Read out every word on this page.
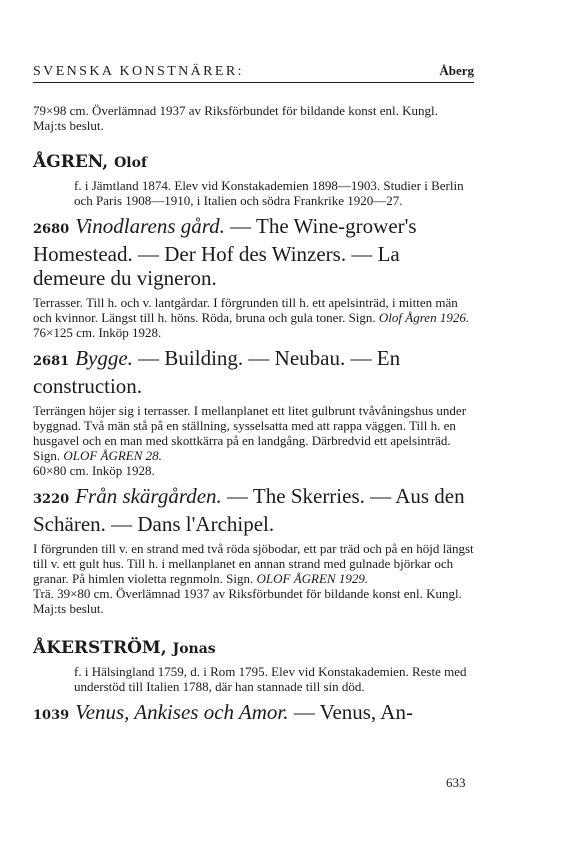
SVENSKA KONSTNÄRER:	Åberg

79×98 cm. Överlämnad 1937 av Riksförbundet för bildande konst enl. Kungl. Maj:ts beslut.

ÅGREN, Olof

f. i Jämtland 1874. Elev vid Konstakademien 1898—1903. Studier i Berlin och Paris 1908—1910, i Italien och södra Frankrike 1920—27.

2680 Vinodlarens gård. — The Wine-grower's Homestead. — Der Hof des Winzers. — La demeure du vigneron.

Terrasser. Till h. och v. lantgårdar. I förgrunden till h. ett apelsinträd, i mitten män och kvinnor. Längst till h. höns. Röda, bruna och gula toner. Sign. Olof Ågren 1926.

76×125 cm. Inköp 1928.

2681 Bygge. — Building. — Neubau. — En construction.

Terrängen höjer sig i terrasser. I mellanplanet ett litet gulbrunt tvåvåningshus under byggnad. Två män stå på en ställning, sysselsatta med att rappa väggen. Till h. en husgavel och en man med skottkärra på en landgång. Därbredvid ett apelsinträd. Sign. OLOF ÅGREN 28.

60×80 cm. Inköp 1928.

3220 Från skärgården. — The Skerries. — Aus den Schären. — Dans l'Archipel.

I förgrunden till v. en strand med två röda sjöbodar, ett par träd och på en höjd längst till v. ett gult hus. Till h. i mellanplanet en annan strand med gulnade björkar och granar. På himlen violetta regnmoln. Sign. OLOF ÅGREN 1929.

Trä. 39×80 cm. Överlämnad 1937 av Riksförbundet för bildande konst enl. Kungl. Maj:ts beslut.

ÅKERSTRÖM, Jonas

f. i Hälsingland 1759, d. i Rom 1795. Elev vid Konstakademien. Reste med understöd till Italien 1788, där han stannade till sin död.

1039 Venus, Ankises och Amor. — Venus, An-

633
